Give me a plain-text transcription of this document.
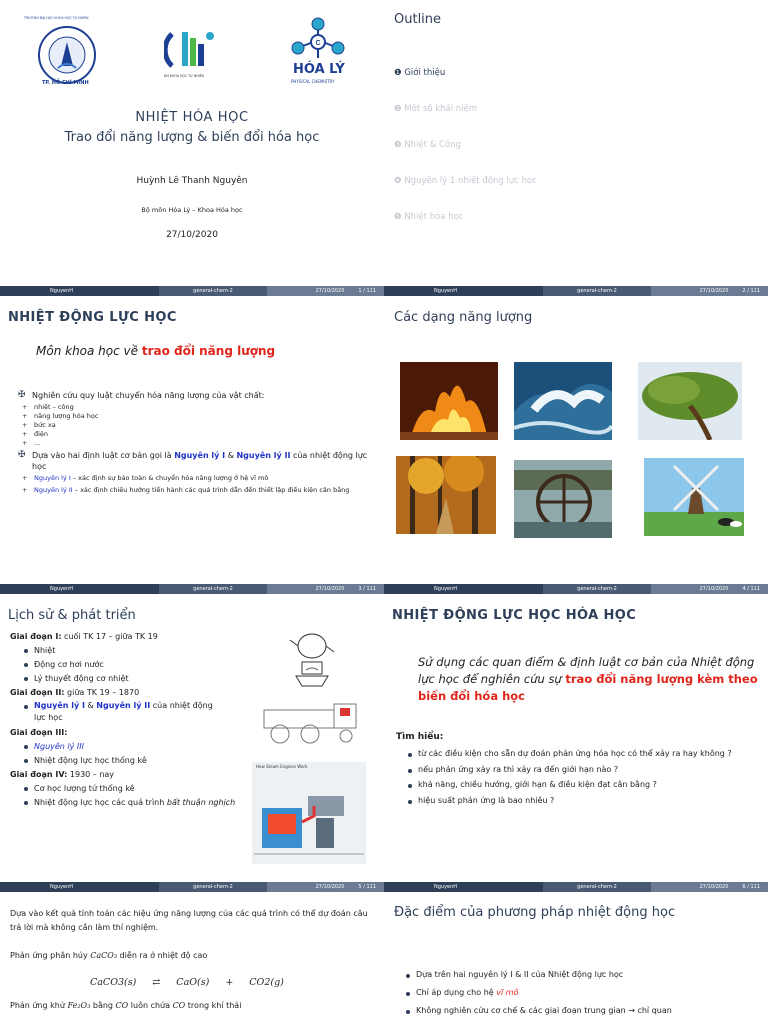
TRƯỜNG ĐẠI HỌC KHOA HỌC TỰ NHIÊN
TP. HỒ CHÍ MINH
ĐH KHOA HỌC TỰ NHIÊN
C
HÓA LÝ
PHYSICAL CHEMISTRY
NHIỆT HÓA HỌC
Trao đổi năng lượng & biến đổi hóa học
Huỳnh Lê Thanh Nguyên
Bộ môn Hóa Lý – Khoa Hóa học
27/10/2020
NguyenH	general-chem-2	27/10/2020	1 / 111
Outline
❶ Giới thiệu
❷ Một số khái niệm
❸ Nhiệt & Công
❹ Nguyên lý 1 nhiệt động lực học
❺ Nhiệt hóa học
NguyenH	general-chem-2	27/10/2020	2 / 111
NHIỆT ĐỘNG LỰC HỌC
Môn khoa học về trao đổi năng lượng
✠ Nghiên cứu quy luật chuyển hóa năng lượng của vật chất:
+ nhiệt – công
+ năng lượng hóa học
+ bức xạ
+ điện
+ ...
✠ Dựa vào hai định luật cơ bản gọi là Nguyên lý I & Nguyên lý II của nhiệt động lực học
+ Nguyên lý I – xác định sự bảo toàn & chuyển hóa năng lượng ở hệ vĩ mô
+ Nguyên lý II – xác định chiều hướng tiến hành các quá trình dẫn đến thiết lập điều kiện cân bằng
NguyenH	general-chem-2	27/10/2020	3 / 111
Các dạng năng lượng
NguyenH	general-chem-2	27/10/2020	4 / 111
Lịch sử & phát triển
Giai đoạn I: cuối TK 17 – giữa TK 19
Nhiệt
Động cơ hơi nước
Lý thuyết động cơ nhiệt
Giai đoạn II: giữa TK 19 – 1870
Nguyên lý I & Nguyên lý II của nhiệt động lực học
Giai đoạn III:
Nguyên lý III
Nhiệt động lực học thống kê
Giai đoạn IV: 1930 – nay
Cơ học lượng tử thống kê
Nhiệt động lực học các quá trình bất thuận nghịch
How Steam Engines Work
NguyenH	general-chem-2	27/10/2020	5 / 111
NHIỆT ĐỘNG LỰC HỌC HÓA HỌC
Sử dụng các quan điểm & định luật cơ bản của Nhiệt động lực học để nghiên cứu sự trao đổi năng lượng kèm theo biến đổi hóa học
Tìm hiểu:
từ các điều kiện cho sẵn dự đoán phản ứng hóa học có thể xảy ra hay không ?
nếu phản ứng xảy ra thì xảy ra đến giới hạn nào ?
khả năng, chiều hướng, giới hạn & điều kiện đạt cân bằng ?
hiệu suất phản ứng là bao nhiêu ?
NguyenH	general-chem-2	27/10/2020	6 / 111
Dựa vào kết quả tính toán các hiệu ứng năng lượng của các quá trình có thể dự đoán câu trả lời mà không cần làm thí nghiệm.
Phản ứng phân hủy CaCO₃ diễn ra ở nhiệt độ cao
CaCO3(s) ⇄ CaO(s) + CO2(g)
Phản ứng khử Fe₂O₃ bằng CO luôn chứa CO trong khí thải
Đặc điểm của phương pháp nhiệt động học
Dựa trên hai nguyên lý I & II của Nhiệt động lực học
Chỉ áp dụng cho hệ vĩ mô
Không nghiên cứu cơ chế & các giai đoạn trung gian → chỉ quan
